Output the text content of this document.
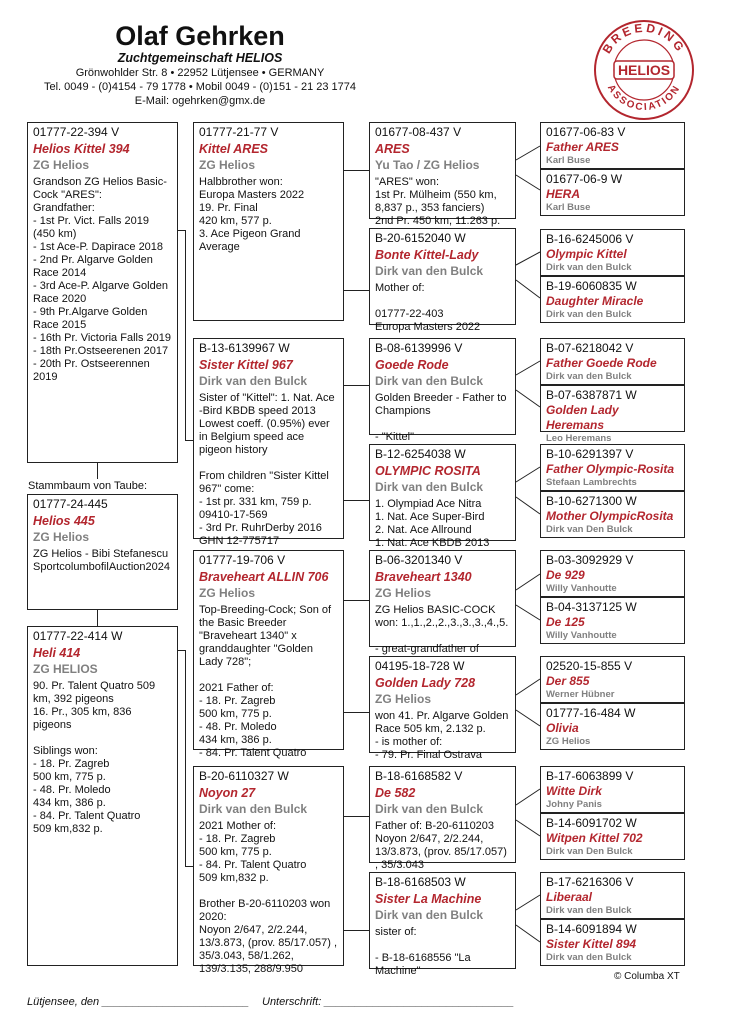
Olaf Gehrken
Zuchtgemeinschaft HELIOS
Grönwohlder Str. 8 • 22952 Lütjensee • GERMANY
Tel. 0049 - (0)4154 - 79 1778 • Mobil 0049 - (0)151 - 21 23 1774
E-Mail: ogehrken@gmx.de
BREEDING
ASSOCIATION
HELIOS
01777-22-394 V
Helios Kittel 394
ZG Helios
Grandson ZG Helios Basic-Cock "ARES":
Grandfather:
- 1st Pr. Vict. Falls 2019 (450 km)
- 1st Ace-P. Dapirace 2018
- 2nd Pr. Algarve Golden Race 2014
- 3rd Ace-P. Algarve Golden Race 2020
- 9th Pr.Algarve Golden Race 2015
- 16th Pr. Victoria Falls 2019
- 18th Pr.Ostseerenen 2017
- 20th Pr. Ostseerennen 2019
Stammbaum von Taube:
01777-24-445
Helios 445
ZG Helios
ZG Helios - Bibi Stefanescu SportcolumbofilAuction2024
01777-22-414 W
Heli 414
ZG HELIOS
90. Pr. Talent Quatro 509 km, 392 pigeons
16. Pr., 305 km, 836 pigeons

Siblings won:
- 18. Pr. Zagreb
500 km, 775 p.
- 48. Pr. Moledo
434 km, 386 p.
- 84. Pr. Talent Quatro
509 km,832 p.
01777-21-77 V
Kittel ARES
ZG Helios
Halbbrother won:
Europa Masters 2022
19. Pr. Final
420 km, 577 p.
3. Ace Pigeon Grand Average
B-13-6139967 W
Sister Kittel 967
Dirk van den Bulck
Sister of "Kittel": 1. Nat. Ace -Bird KBDB speed 2013
Lowest coeff. (0.95%) ever in Belgium speed ace pigeon history

From children "Sister Kittel 967" come:
- 1st pr. 331 km, 759 p. 09410-17-569
- 3rd Pr. RuhrDerby 2016 GHN 12-775717
01777-19-706 V
Braveheart ALLIN 706
ZG Helios
Top-Breeding-Cock; Son of the Basic Breeder "Braveheart 1340" x granddaughter "Golden Lady 728";

2021 Father of:
- 18. Pr. Zagreb
500 km, 775 p.
- 48. Pr. Moledo
434 km, 386 p.
- 84. Pr. Talent Quatro
B-20-6110327 W
Noyon 27
Dirk van den Bulck
2021 Mother of:
- 18. Pr. Zagreb
500 km, 775 p.
- 84. Pr. Talent Quatro
509 km,832 p.

Brother B-20-6110203 won 2020:
Noyon 2/647, 2/2.244, 13/3.873, (prov. 85/17.057) , 35/3.043, 58/1.262, 139/3.135, 288/9.950
01677-08-437 V
ARES
Yu Tao / ZG Helios
"ARES" won:
1st Pr. Mülheim (550 km, 8,837 p., 353 fanciers)
2nd Pr. 450 km, 11.263 p.
B-20-6152040 W
Bonte Kittel-Lady
Dirk van den Bulck
Mother of:

01777-22-403
Europa Masters 2022
B-08-6139996 V
Goede Rode
Dirk van den Bulck
Golden Breeder - Father to Champions

- "Kittel"
B-12-6254038 W
OLYMPIC ROSITA
Dirk van den Bulck
1. Olympiad Ace Nitra
1. Nat. Ace Super-Bird
2. Nat. Ace Allround
1. Nat. Ace KBDB 2013
B-06-3201340 V
Braveheart 1340
ZG Helios
ZG Helios BASIC-COCK won: 1.,1.,2.,2.,3.,3.,3.,4.,5.

- great-grandfather of
04195-18-728 W
Golden Lady 728
ZG Helios
won 41. Pr. Algarve Golden Race 505 km, 2.132 p.
- is mother of:
- 79. Pr. Final Ostrava
B-18-6168582 V
De 582
Dirk van den Bulck
Father of: B-20-6110203 Noyon 2/647, 2/2.244, 13/3.873, (prov. 85/17.057) , 35/3.043
B-18-6168503 W
Sister La Machine
Dirk van den Bulck
sister of:

- B-18-6168556 "La Machine"
01677-06-83 V
Father ARES
Karl Buse
01677-06-9 W
HERA
Karl Buse
B-16-6245006 V
Olympic Kittel
Dirk van den Bulck
B-19-6060835 W
Daughter Miracle
Dirk van den Bulck
B-07-6218042 V
Father Goede Rode
Dirk van den Bulck
B-07-6387871 W
Golden Lady Heremans
Leo Heremans
B-10-6291397 V
Father Olympic-Rosita
Stefaan Lambrechts
B-10-6271300 W
Mother OlympicRosita
Dirk van Den Bulck
B-03-3092929 V
De 929
Willy Vanhoutte
B-04-3137125 W
De 125
Willy Vanhoutte
02520-15-855 V
Der 855
Werner Hübner
01777-16-484 W
Olivia
ZG Helios
B-17-6063899 V
Witte Dirk
Johny Panis
B-14-6091702 W
Witpen Kittel 702
Dirk van Den Bulck
B-17-6216306 V
Liberaal
Dirk van den Bulck
B-14-6091894 W
Sister Kittel 894
Dirk van den Bulck
© Columba XT
Lütjensee, den ________________________ Unterschrift: _______________________________
